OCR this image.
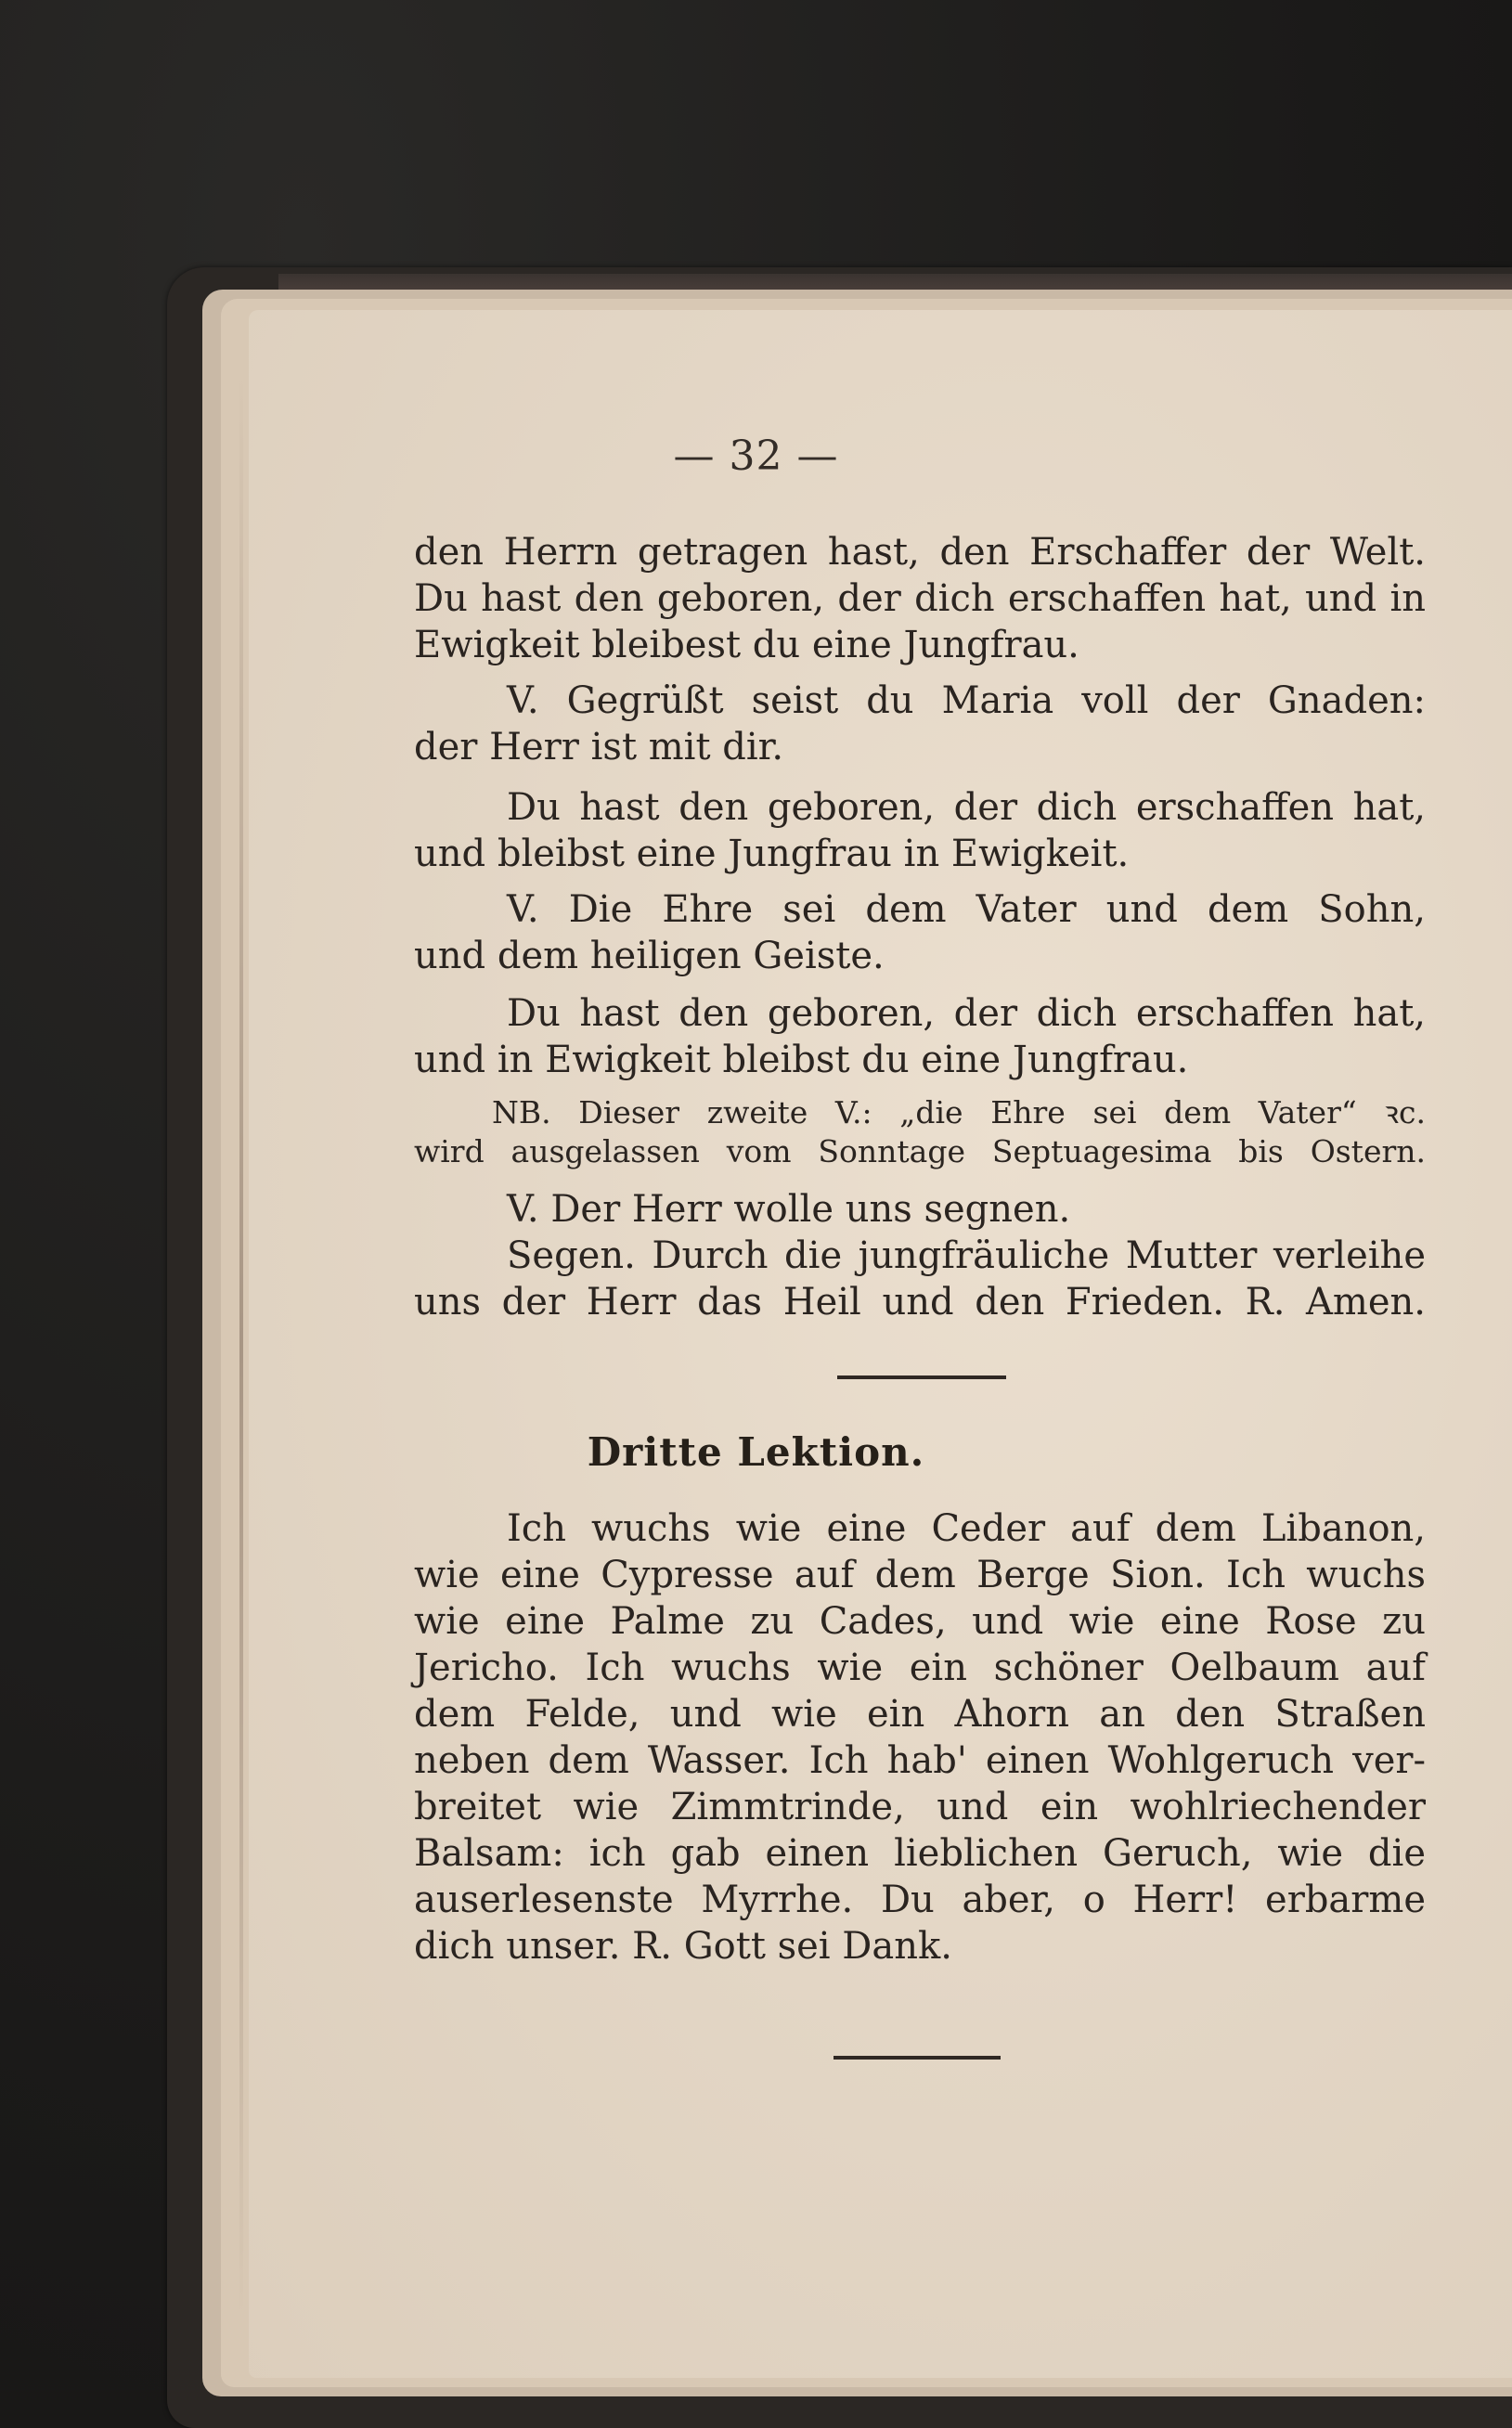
— 32 —
den Herrn getragen hast, den Erschaffer der Welt.
Du hast den geboren, der dich erschaffen hat, und in
Ewigkeit bleibest du eine Jungfrau.
V. Gegrüßt seist du Maria voll der Gnaden:
der Herr ist mit dir.
Du hast den geboren, der dich erschaffen hat,
und bleibst eine Jungfrau in Ewigkeit.
V. Die Ehre sei dem Vater und dem Sohn,
und dem heiligen Geiste.
Du hast den geboren, der dich erschaffen hat,
und in Ewigkeit bleibst du eine Jungfrau.
NB. Dieser zweite V.: „die Ehre sei dem Vater“ ꝛc.
wird ausgelassen vom Sonntage Septuagesima bis Ostern.
V. Der Herr wolle uns segnen.
Segen. Durch die jungfräuliche Mutter verleihe
uns der Herr das Heil und den Frieden. R. Amen.
Dritte Lektion.
Ich wuchs wie eine Ceder auf dem Libanon,
wie eine Cypresse auf dem Berge Sion. Ich wuchs
wie eine Palme zu Cades, und wie eine Rose zu
Jericho. Ich wuchs wie ein schöner Oelbaum auf
dem Felde, und wie ein Ahorn an den Straßen
neben dem Wasser. Ich hab' einen Wohlgeruch ver-
breitet wie Zimmtrinde, und ein wohlriechender
Balsam: ich gab einen lieblichen Geruch, wie die
auserlesenste Myrrhe. Du aber, o Herr! erbarme
dich unser. R. Gott sei Dank.
